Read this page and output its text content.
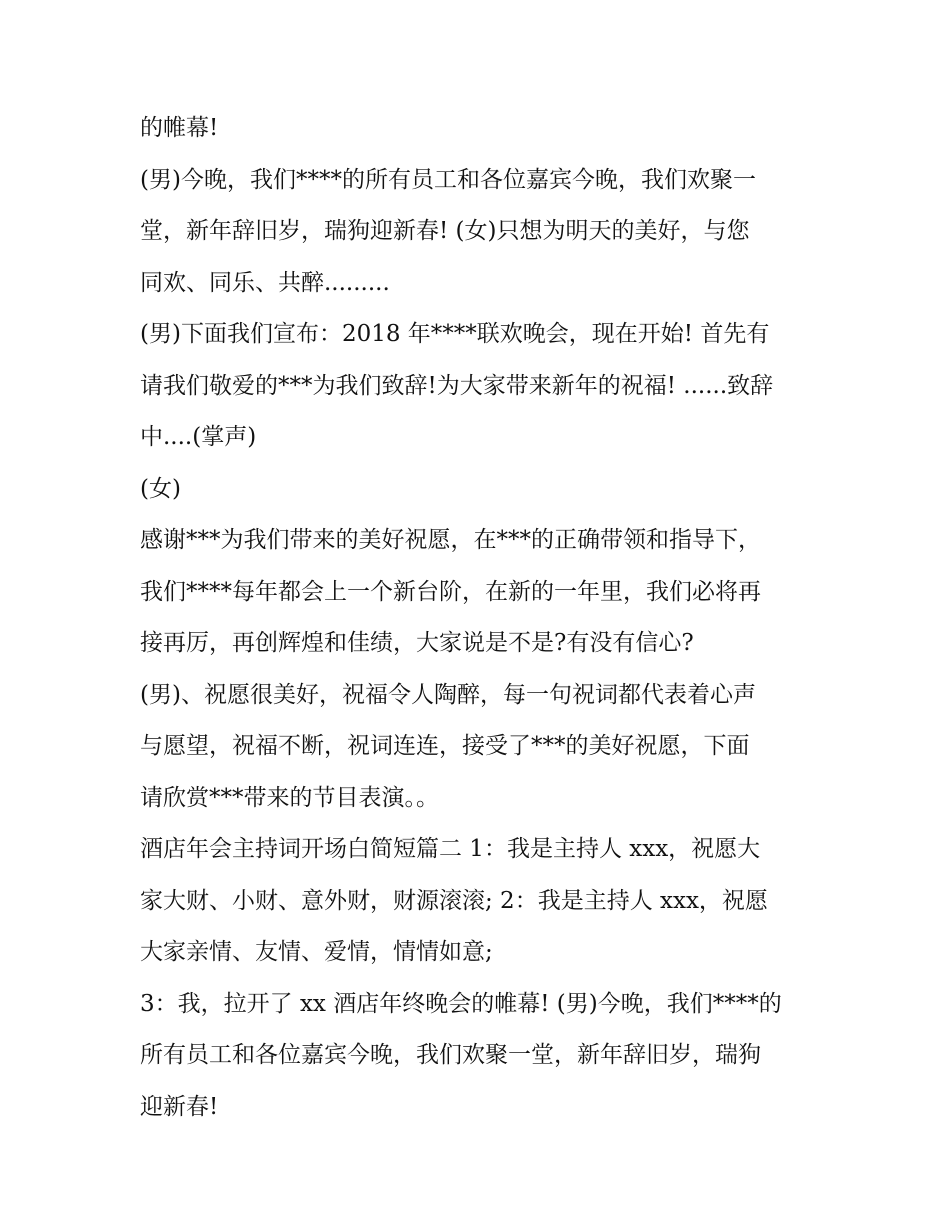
的帷幕!
(男)今晚，我们****的所有员工和各位嘉宾今晚，我们欢聚一
堂，新年辞旧岁，瑞狗迎新春! (女)只想为明天的美好，与您
同欢、同乐、共醉.........
(男)下面我们宣布：2018 年****联欢晚会，现在开始! 首先有
请我们敬爱的***为我们致辞!为大家带来新年的祝福! ......致辞
中....(掌声)
(女)
感谢***为我们带来的美好祝愿，在***的正确带领和指导下，
我们****每年都会上一个新台阶，在新的一年里，我们必将再
接再厉，再创辉煌和佳绩，大家说是不是?有没有信心?
(男)、祝愿很美好，祝福令人陶醉，每一句祝词都代表着心声
与愿望，祝福不断，祝词连连，接受了***的美好祝愿，下面
请欣赏***带来的节目表演。。
酒店年会主持词开场白简短篇二 1：我是主持人 xxx，祝愿大
家大财、小财、意外财，财源滚滚; 2：我是主持人 xxx，祝愿
大家亲情、友情、爱情，情情如意;
3：我，拉开了 xx 酒店年终晚会的帷幕! (男)今晚，我们****的
所有员工和各位嘉宾今晚，我们欢聚一堂，新年辞旧岁，瑞狗
迎新春!
